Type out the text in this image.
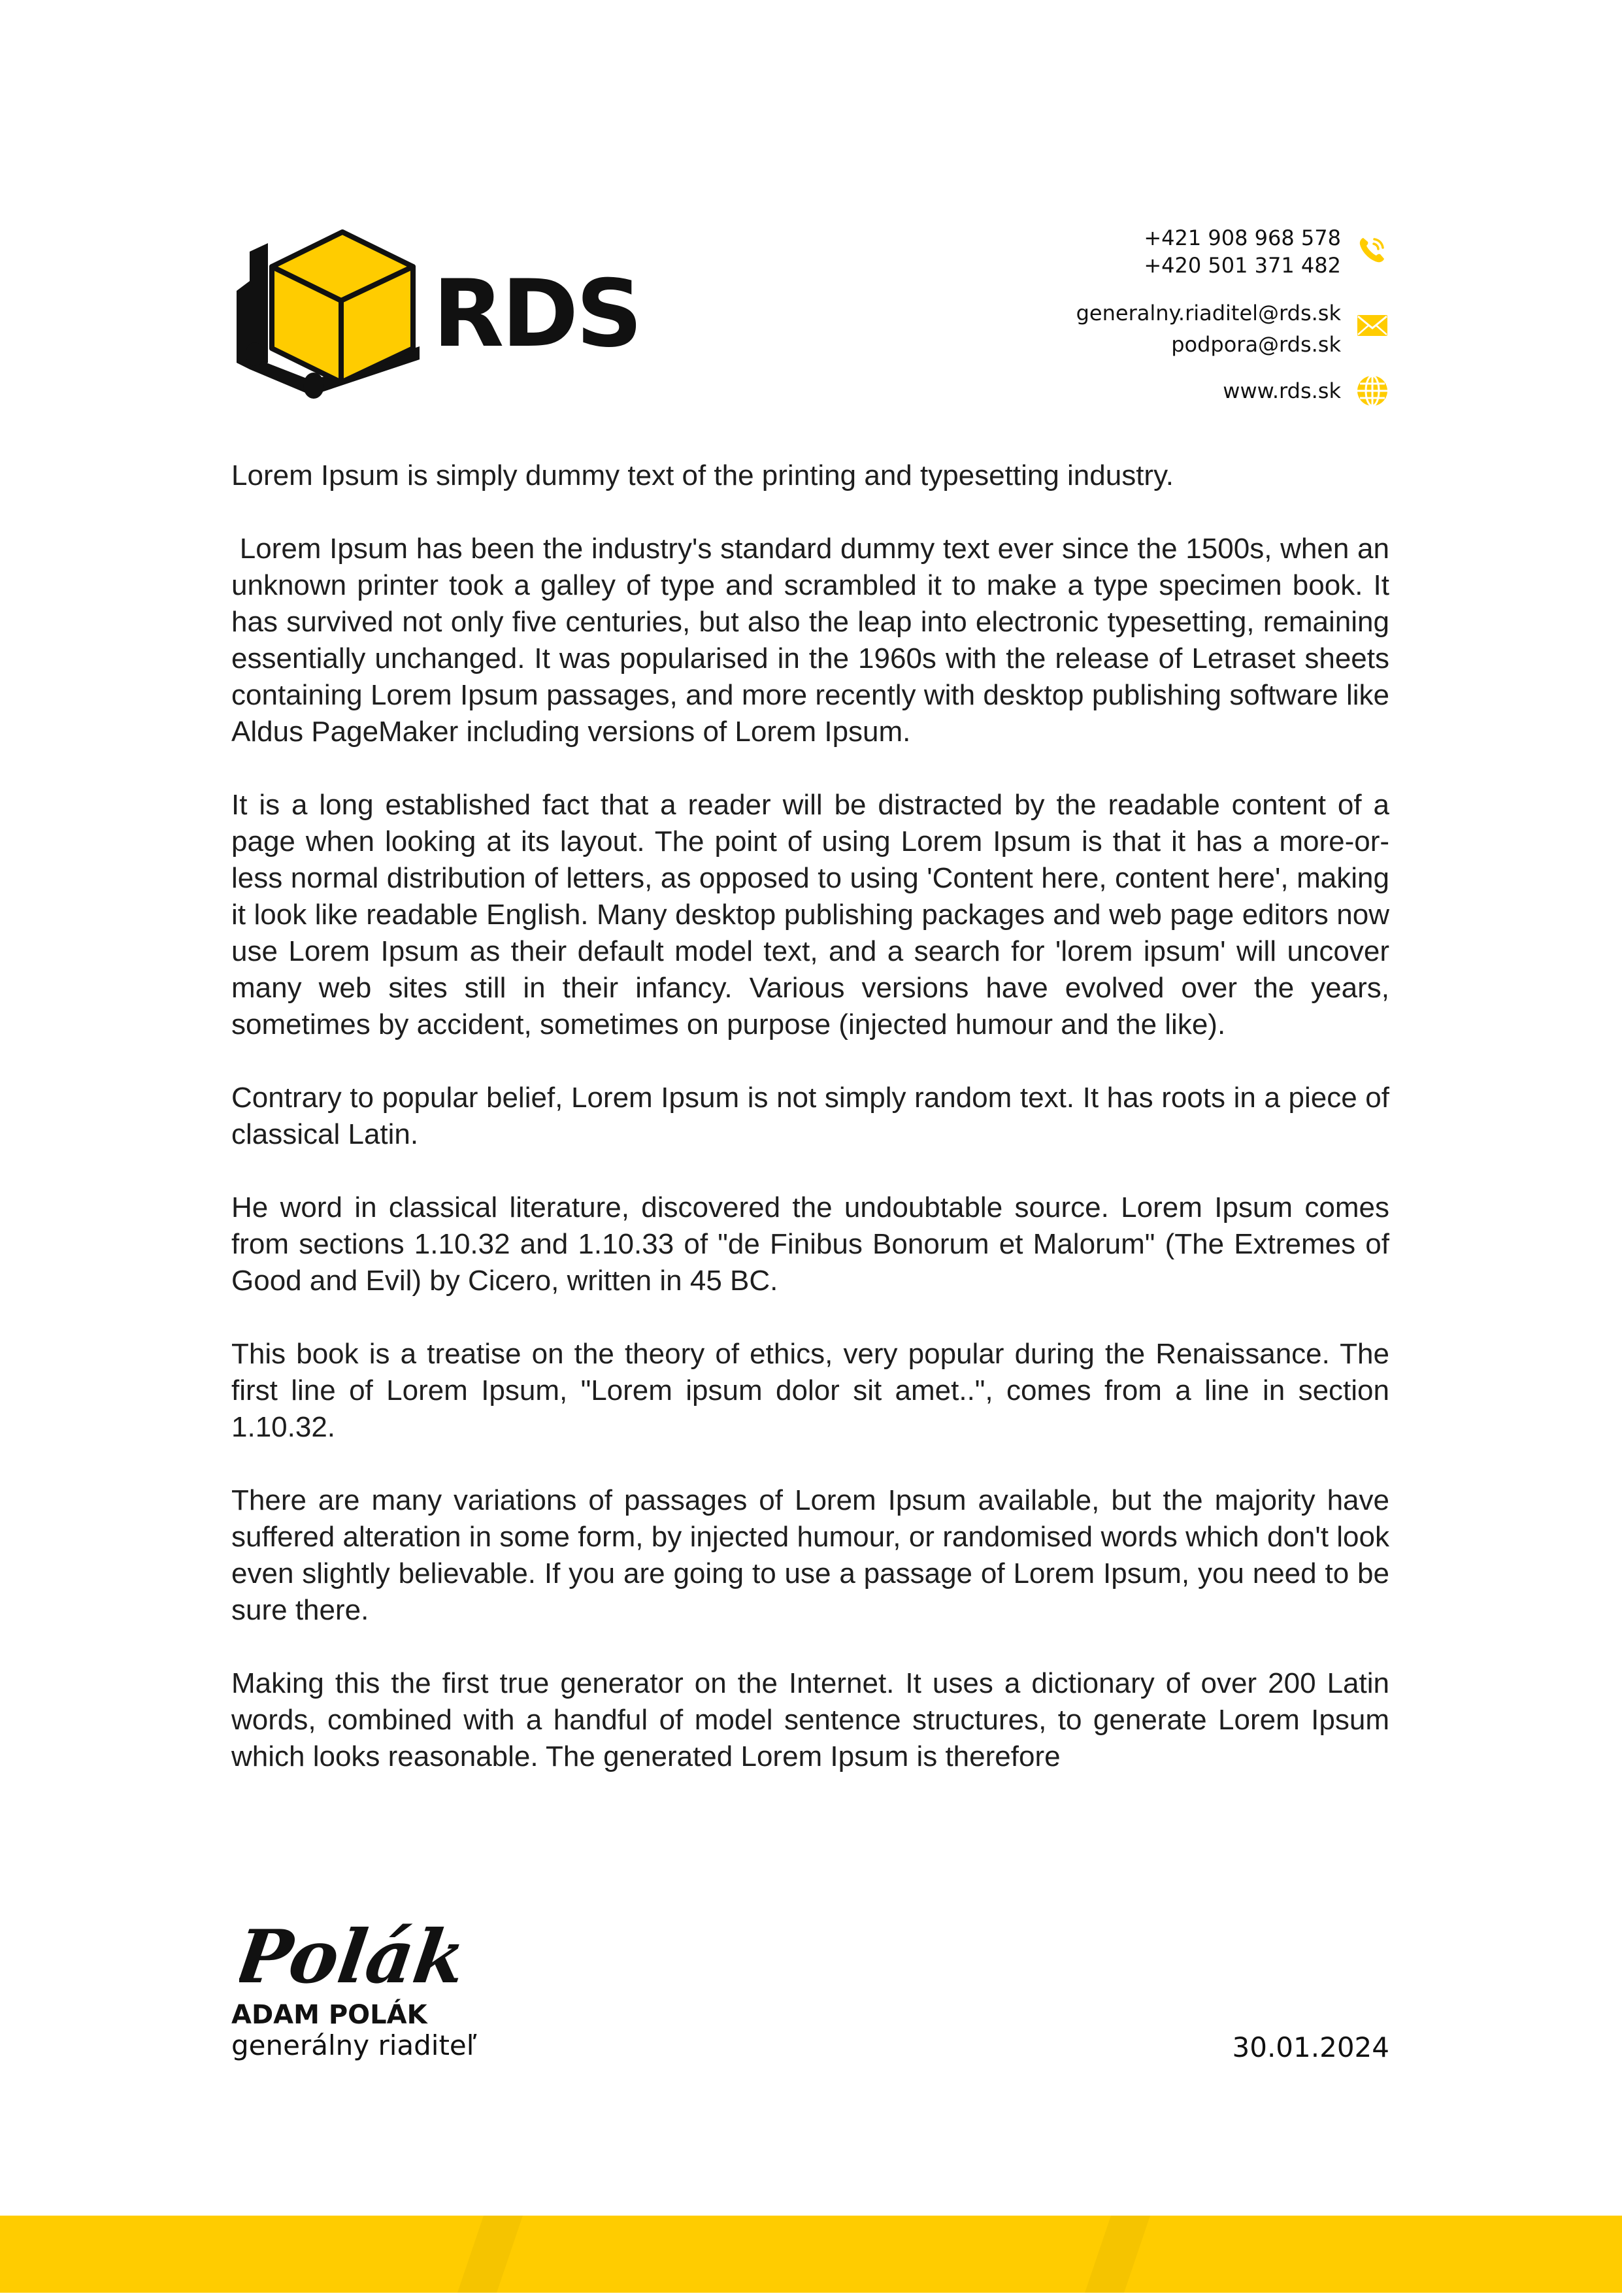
RDS
+421 908 968 578
+420 501 371 482
generalny.riaditel@rds.sk
podpora@rds.sk
www.rds.sk

Lorem Ipsum is simply dummy text of the printing and typesetting industry.

Lorem Ipsum has been the industry's standard dummy text ever since the 1500s, when an unknown printer took a galley of type and scrambled it to make a type specimen book. It has survived not only five centuries, but also the leap into electronic typesetting, remaining essentially unchanged. It was popularised in the 1960s with the release of Letraset sheets containing Lorem Ipsum passages, and more recently with desktop publishing software like Aldus PageMaker including versions of Lorem Ipsum.

It is a long established fact that a reader will be distracted by the readable content of a page when looking at its layout. The point of using Lorem Ipsum is that it has a more-or-less normal distribution of letters, as opposed to using 'Content here, content here', making it look like readable English. Many desktop publishing packages and web page editors now use Lorem Ipsum as their default model text, and a search for 'lorem ipsum' will uncover many web sites still in their infancy. Various versions have evolved over the years, sometimes by accident, sometimes on purpose (injected humour and the like).

Contrary to popular belief, Lorem Ipsum is not simply random text. It has roots in a piece of classical Latin.

He word in classical literature, discovered the undoubtable source. Lorem Ipsum comes from sections 1.10.32 and 1.10.33 of "de Finibus Bonorum et Malorum" (The Extremes of Good and Evil) by Cicero, written in 45 BC.

This book is a treatise on the theory of ethics, very popular during the Renaissance. The first line of Lorem Ipsum, "Lorem ipsum dolor sit amet..", comes from a line in section 1.10.32.

There are many variations of passages of Lorem Ipsum available, but the majority have suffered alteration in some form, by injected humour, or randomised words which don't look even slightly believable. If you are going to use a passage of Lorem Ipsum, you need to be sure there.

Making this the first true generator on the Internet. It uses a dictionary of over 200 Latin words, combined with a handful of model sentence structures, to generate Lorem Ipsum which looks reasonable. The generated Lorem Ipsum is therefore

Polák
ADAM POLÁK
generálny riaditeľ	30.01.2024
